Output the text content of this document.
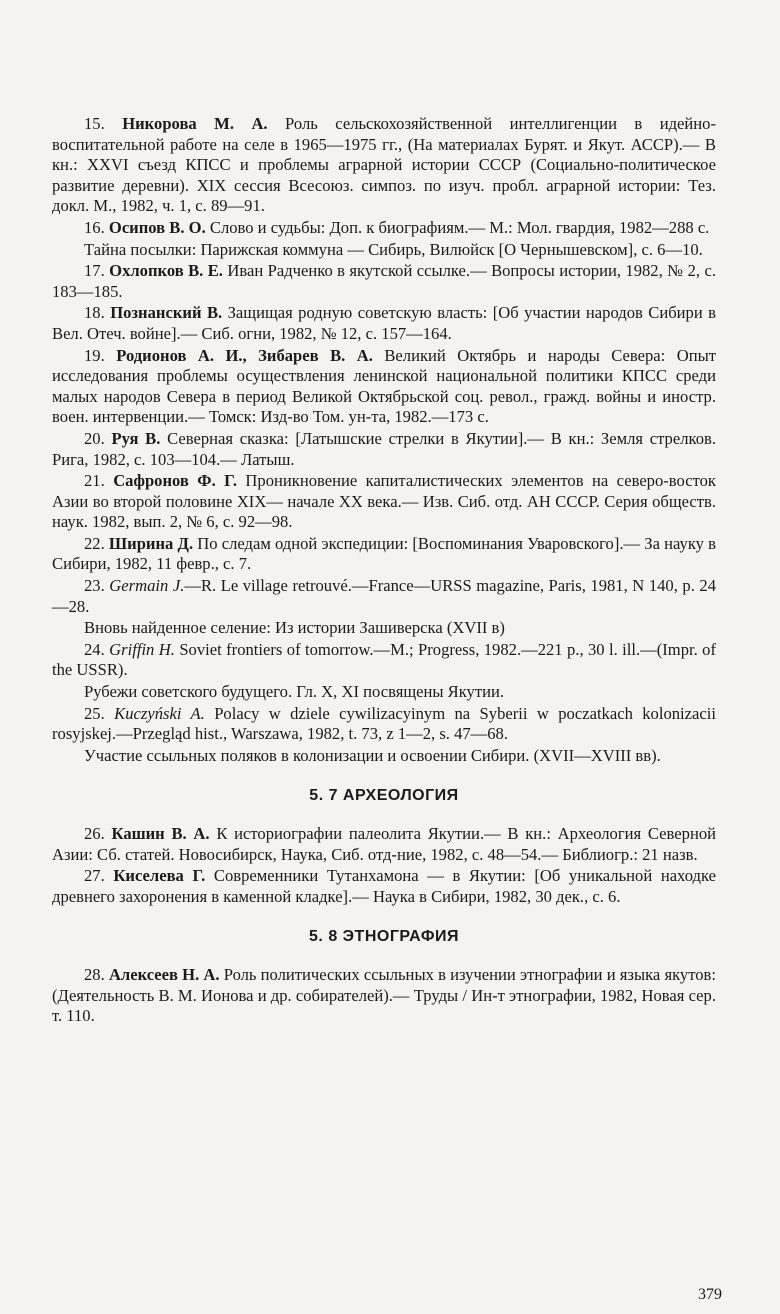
15. Никорова М. А. Роль сельскохозяйственной интеллигенции в идейно-воспитательной работе на селе в 1965—1975 гг., (На материалах Бурят. и Якут. АССР).— В кн.: XXVI съезд КПСС и проблемы аграрной истории СССР (Социально-политическое развитие деревни). XIX сессия Всесоюз. симпоз. по изуч. пробл. аграрной истории: Тез. докл. М., 1982, ч. 1, с. 89—91.

16. Осипов В. О. Слово и судьбы: Доп. к биографиям.— М.: Мол. гвардия, 1982—288 с.

Тайна посылки: Парижская коммуна — Сибирь, Вилюйск [О Чернышевском], с. 6—10.

17. Охлопков В. Е. Иван Радченко в якутской ссылке.— Вопросы истории, 1982, № 2, с. 183—185.

18. Познанский В. Защищая родную советскую власть: [Об участии народов Сибири в Вел. Отеч. войне].— Сиб. огни, 1982, № 12, с. 157—164.

19. Родионов А. И., Зибарев В. А. Великий Октябрь и народы Севера: Опыт исследования проблемы осуществления ленинской национальной политики КПСС среди малых народов Севера в период Великой Октябрьской соц. револ., гражд. войны и иностр. воен. интервенции.— Томск: Изд-во Том. ун-та, 1982.—173 с.

20. Руя В. Северная сказка: [Латышские стрелки в Якутии].— В кн.: Земля стрелков. Рига, 1982, с. 103—104.— Латыш.

21. Сафронов Ф. Г. Проникновение капиталистических элементов на северо-восток Азии во второй половине XIX— начале XX века.— Изв. Сиб. отд. АН СССР. Серия обществ. наук. 1982, вып. 2, № 6, с. 92—98.

22. Ширина Д. По следам одной экспедиции: [Воспоминания Уваровского].— За науку в Сибири, 1982, 11 февр., с. 7.

23. Germain J.—R. Le village retrouvé.—France—URSS magazine, Paris, 1981, N 140, p. 24—28.

Вновь найденное селение: Из истории Зашиверска (XVII в)

24. Griffin H. Soviet frontiers of tomorrow.—M.; Progress, 1982.—221 p., 30 l. ill.—(Impr. of the USSR).

Рубежи советского будущего. Гл. X, XI посвящены Якутии.

25. Kuczyński A. Polacy w dziele cywilizacyinym na Syberii w poczatkach kolonizacii rosyjskej.—Przegląd hist., Warszawa, 1982, t. 73, z 1—2, s. 47—68.

Участие ссыльных поляков в колонизации и освоении Сибири. (XVII—XVIII вв).

5. 7 АРХЕОЛОГИЯ

26. Кашин В. А. К историографии палеолита Якутии.— В кн.: Археология Северной Азии: Сб. статей. Новосибирск, Наука, Сиб. отд-ние, 1982, с. 48—54.— Библиогр.: 21 назв.

27. Киселева Г. Современники Тутанхамона — в Якутии: [Об уникальной находке древнего захоронения в каменной кладке].— Наука в Сибири, 1982, 30 дек., с. 6.

5. 8 ЭТНОГРАФИЯ

28. Алексеев Н. А. Роль политических ссыльных в изучении этнографии и языка якутов: (Деятельность В. М. Ионова и др. собирателей).— Труды / Ин-т этнографии, 1982, Новая сер. т. 110.

379
